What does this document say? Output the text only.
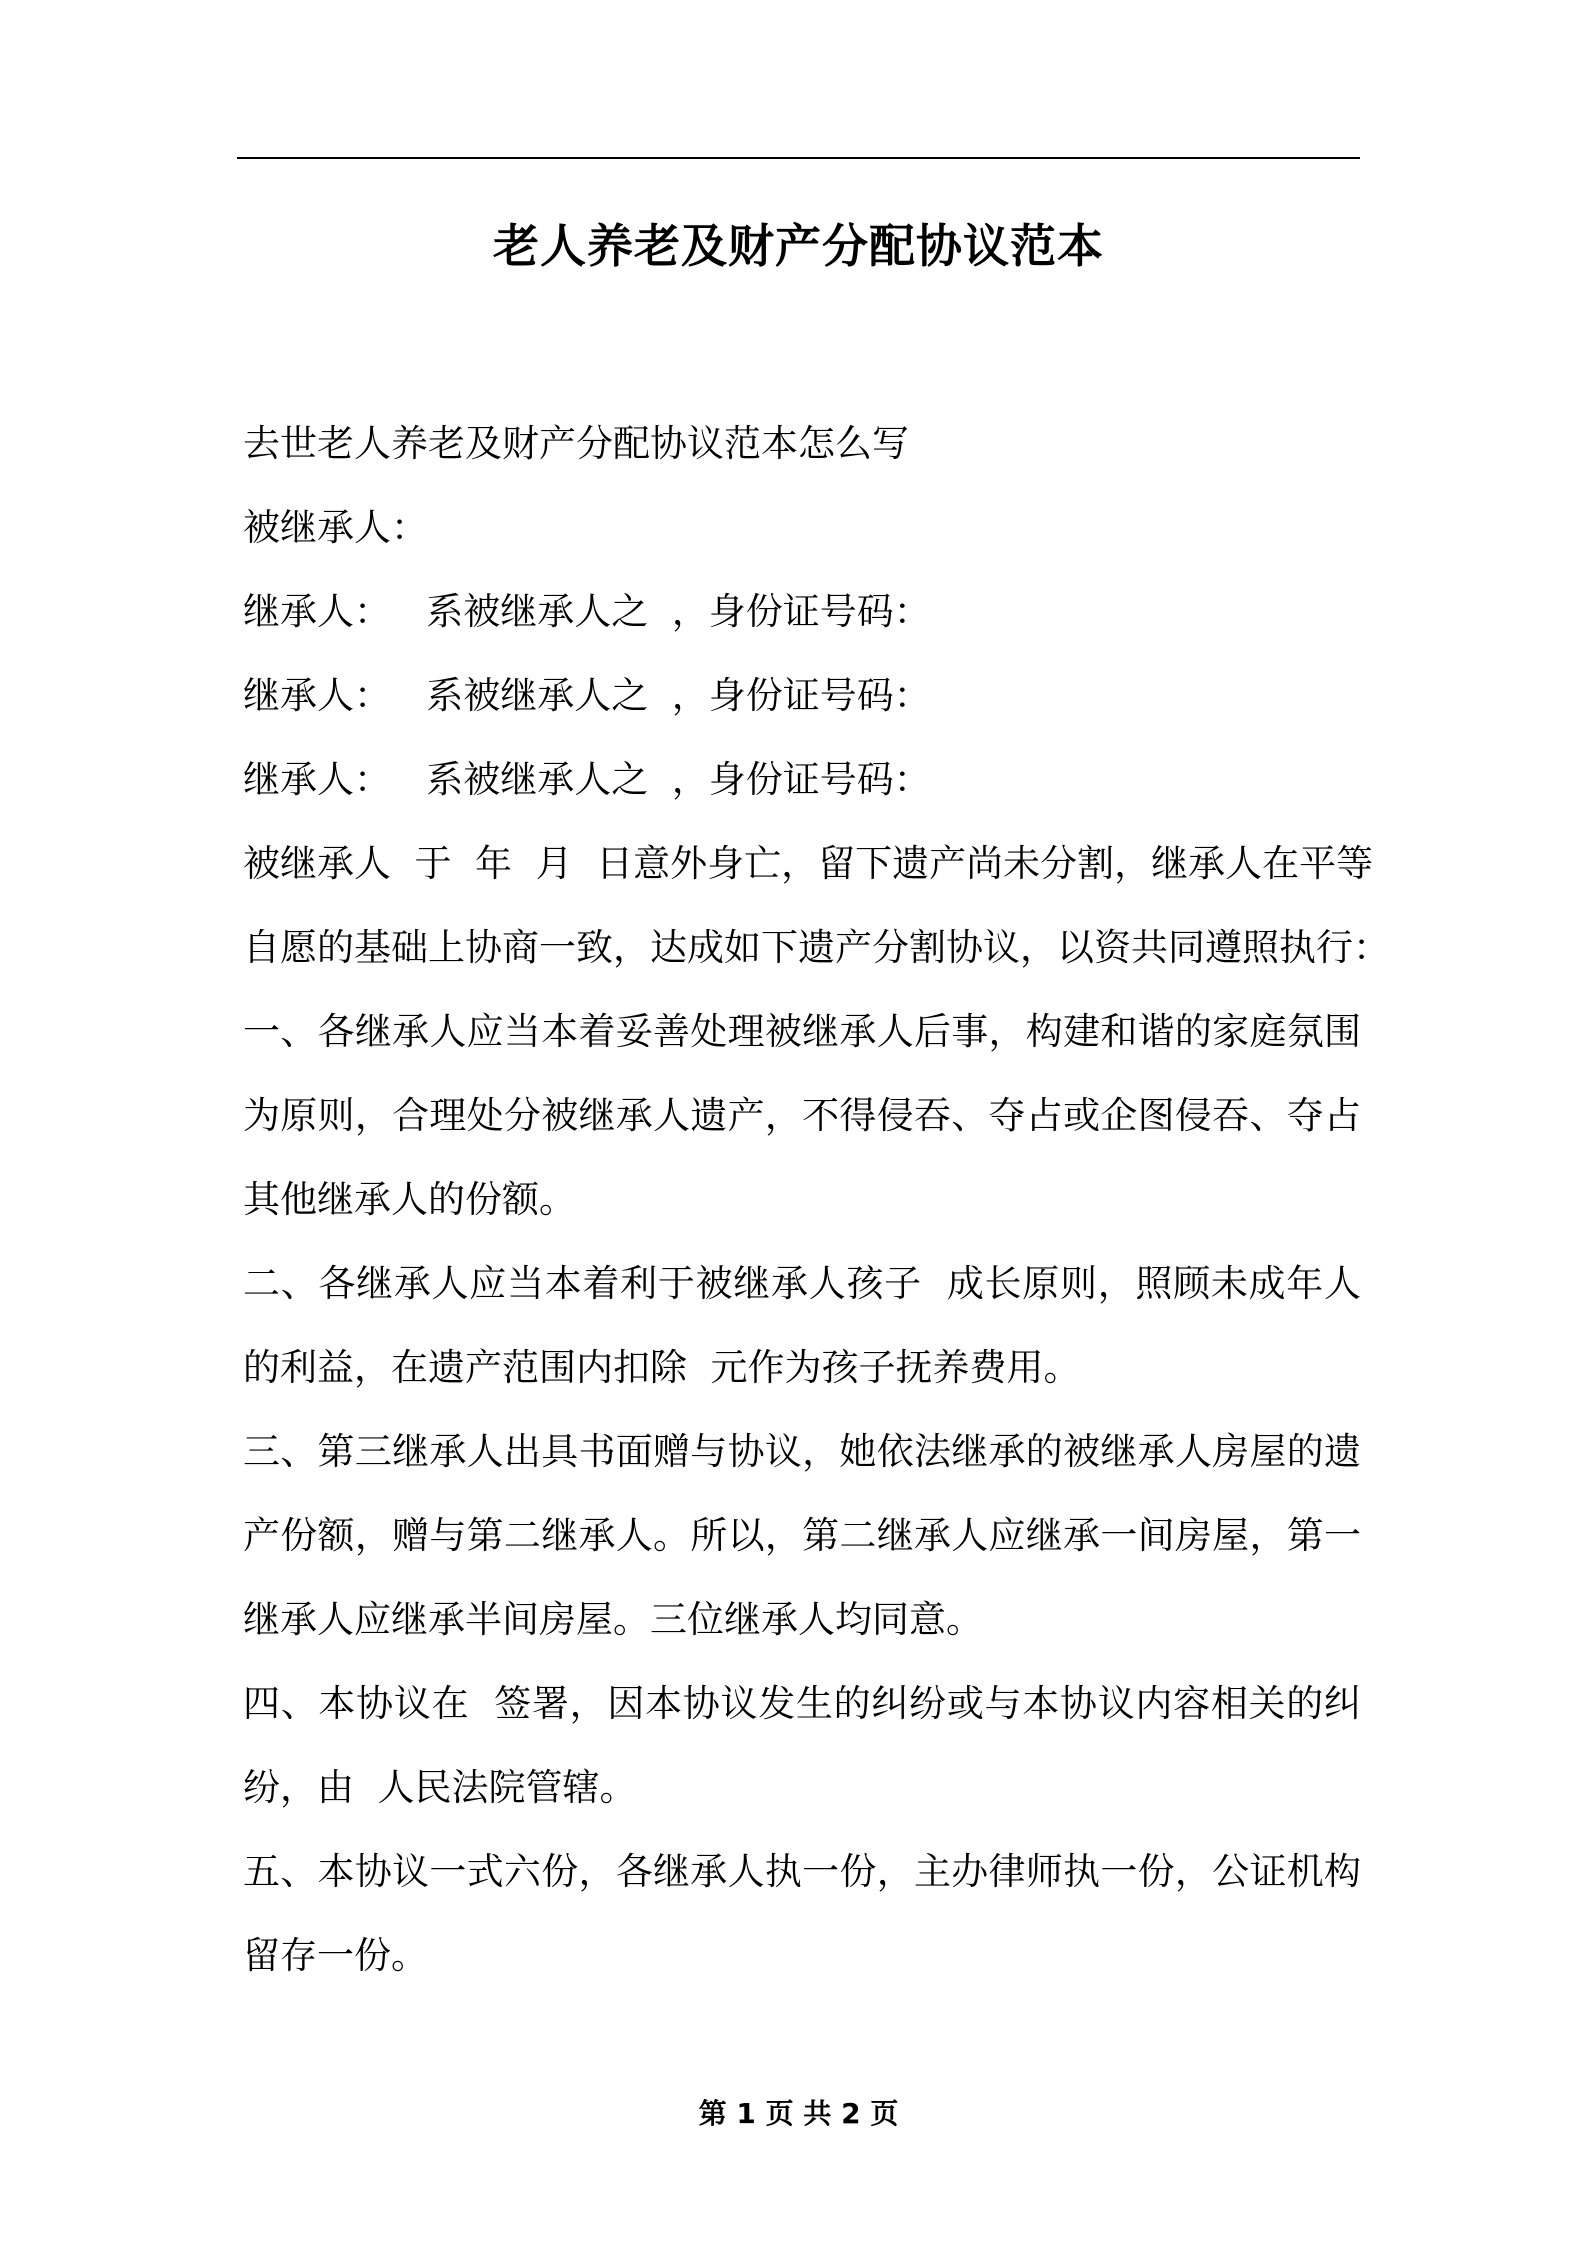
老人养老及财产分配协议范本
去世老人养老及财产分配协议范本怎么写
被继承人：
继承人：   系被继承人之  ，身份证号码：
继承人：   系被继承人之  ，身份证号码：
继承人：   系被继承人之  ，身份证号码：
被继承人  于  年  月  日意外身亡，留下遗产尚未分割，继承人在平等
自愿的基础上协商一致，达成如下遗产分割协议，以资共同遵照执行：
一、各继承人应当本着妥善处理被继承人后事，构建和谐的家庭氛围
为原则，合理处分被继承人遗产，不得侵吞、夺占或企图侵吞、夺占
其他继承人的份额。
二、各继承人应当本着利于被继承人孩子  成长原则，照顾未成年人
的利益，在遗产范围内扣除  元作为孩子抚养费用。
三、第三继承人出具书面赠与协议，她依法继承的被继承人房屋的遗
产份额，赠与第二继承人。所以，第二继承人应继承一间房屋，第一
继承人应继承半间房屋。三位继承人均同意。
四、本协议在  签署，因本协议发生的纠纷或与本协议内容相关的纠
纷，由  人民法院管辖。
五、本协议一式六份，各继承人执一份，主办律师执一份，公证机构
留存一份。
第 1 页 共 2 页
